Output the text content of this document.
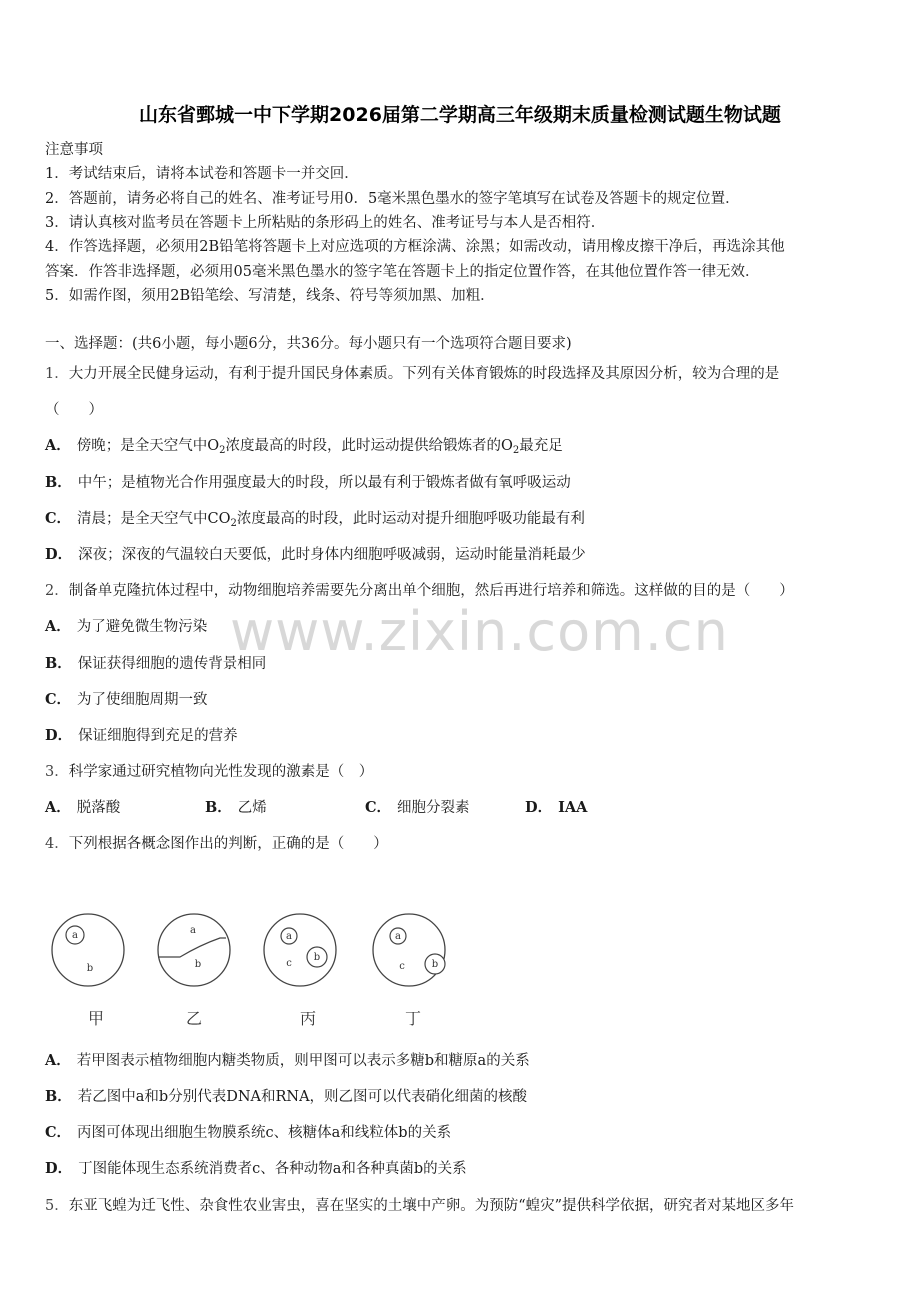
www.zixin.com.cn
山东省鄄城一中下学期2026届第二学期高三年级期末质量检测试题生物试题
注意事项
1．考试结束后，请将本试卷和答题卡一并交回．
2．答题前，请务必将自己的姓名、准考证号用0．5毫米黑色墨水的签字笔填写在试卷及答题卡的规定位置．
3．请认真核对监考员在答题卡上所粘贴的条形码上的姓名、准考证号与本人是否相符．
4．作答选择题，必须用2B铅笔将答题卡上对应选项的方框涂满、涂黑；如需改动，请用橡皮擦干净后，再选涂其他
答案．作答非选择题，必须用05毫米黑色墨水的签字笔在答题卡上的指定位置作答，在其他位置作答一律无效．
5．如需作图，须用2B铅笔绘、写清楚，线条、符号等须加黑、加粗．
一、选择题：(共6小题，每小题6分，共36分。每小题只有一个选项符合题目要求)
1．大力开展全民健身运动，有利于提升国民身体素质。下列有关体育锻炼的时段选择及其原因分析，较为合理的是
（　　）
A． 傍晚；是全天空气中$O_2$浓度最高的时段，此时运动提供给锻炼者的$O_2$最充足
B． 中午；是植物光合作用强度最大的时段，所以最有利于锻炼者做有氧呼吸运动
C． 清晨；是全天空气中$CO_2$浓度最高的时段，此时运动对提升细胞呼吸功能最有利
D． 深夜；深夜的气温较白天要低，此时身体内细胞呼吸减弱，运动时能量消耗最少
2．制备单克隆抗体过程中，动物细胞培养需要先分离出单个细胞，然后再进行培养和筛选。这样做的目的是（　　）
A． 为了避免微生物污染
B． 保证获得细胞的遗传背景相同
C． 为了使细胞周期一致
D． 保证细胞得到充足的营养
3．科学家通过研究植物向光性发现的激素是（　）
A． 脱落酸	B． 乙烯	C． 细胞分裂素	D． IAA
4．下列根据各概念图作出的判断，正确的是（　　）
a
b
a
b
a
b
c
a
b
c
甲	乙	丙	丁
A． 若甲图表示植物细胞内糖类物质，则甲图可以表示多糖b和糖原a的关系
B． 若乙图中a和b分别代表DNA和RNA，则乙图可以代表硝化细菌的核酸
C． 丙图可体现出细胞生物膜系统c、核糖体a和线粒体b的关系
D． 丁图能体现生态系统消费者c、各种动物a和各种真菌b的关系
5．东亚飞蝗为迁飞性、杂食性农业害虫，喜在坚实的土壤中产卵。为预防“蝗灾”提供科学依据，研究者对某地区多年
